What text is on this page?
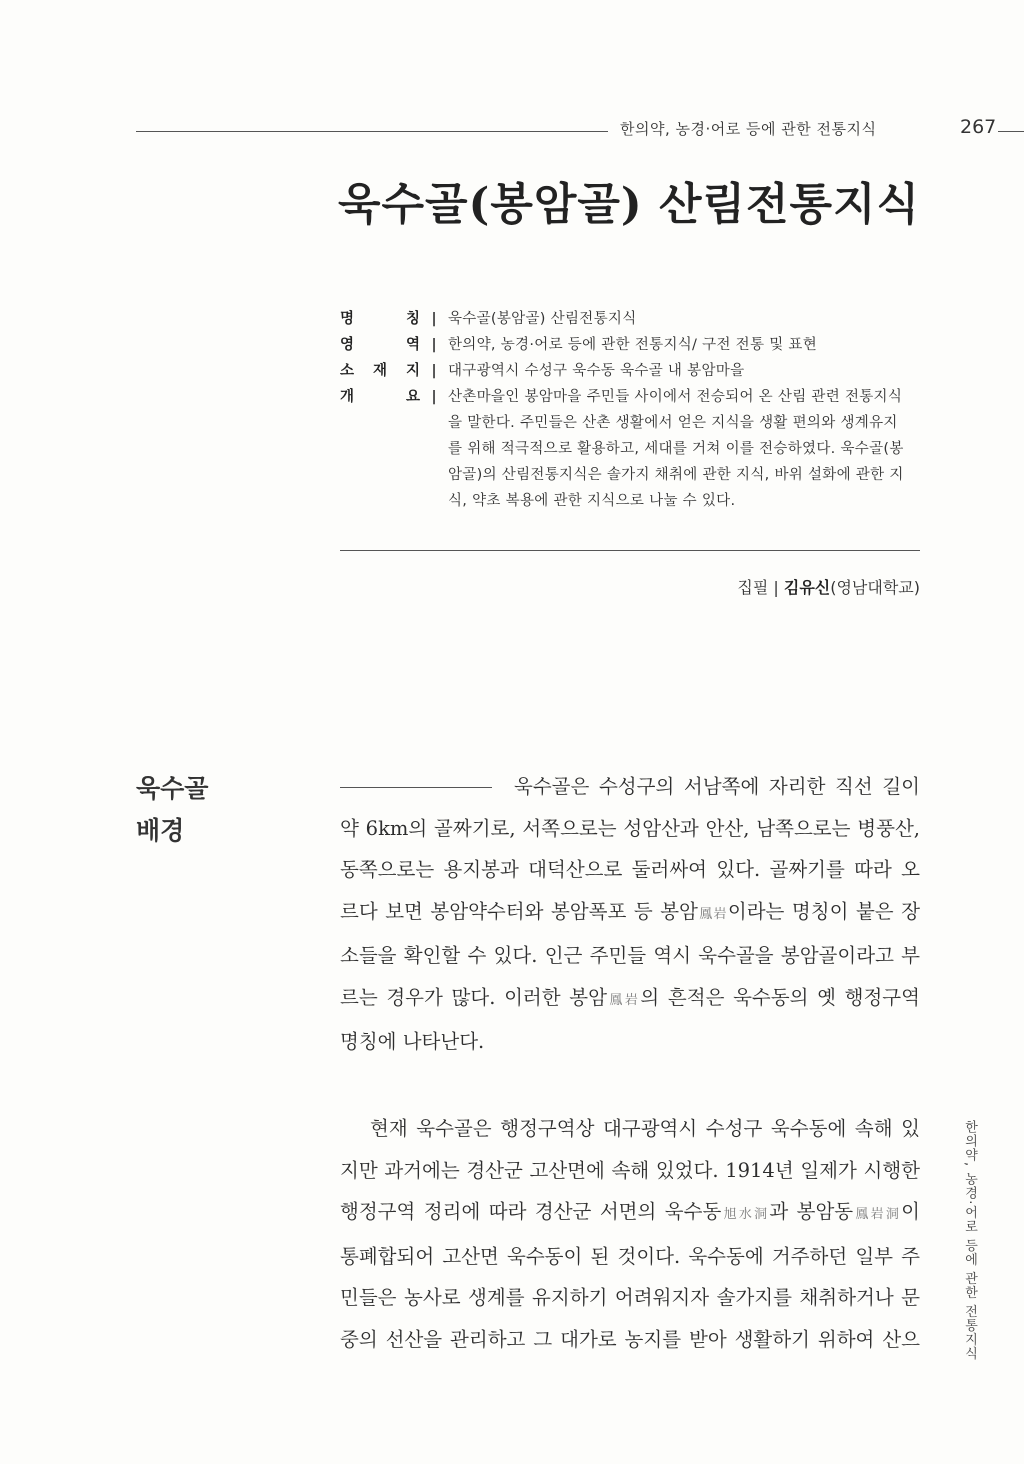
한의약, 농경·어로 등에 관한 전통지식	267
욱수골(봉암골) 산림전통지식
명	칭 | 욱수골(봉암골) 산림전통지식
영	역 | 한의약, 농경·어로 등에 관한 전통지식/ 구전 전통 및 표현
소 재 지 | 대구광역시 수성구 욱수동 욱수골 내 봉암마을
개	요 | 산촌마을인 봉암마을 주민들 사이에서 전승되어 온 산림 관련 전통지식
을 말한다. 주민들은 산촌 생활에서 얻은 지식을 생활 편의와 생계유지
를 위해 적극적으로 활용하고, 세대를 거쳐 이를 전승하였다. 욱수골(봉
암골)의 산림전통지식은 솔가지 채취에 관한 지식, 바위 설화에 관한 지
식, 약초 복용에 관한 지식으로 나눌 수 있다.
집필 | 김유신(영남대학교)
욱수골
배경
욱수골은 수성구의 서남쪽에 자리한 직선 길이
약 6km의 골짜기로, 서쪽으로는 성암산과 안산, 남쪽으로는 병풍산,
동쪽으로는 용지봉과 대덕산으로 둘러싸여 있다. 골짜기를 따라 오
르다 보면 봉암약수터와 봉암폭포 등 봉암鳳岩이라는 명칭이 붙은 장
소들을 확인할 수 있다. 인근 주민들 역시 욱수골을 봉암골이라고 부
르는 경우가 많다. 이러한 봉암鳳岩의 흔적은 욱수동의 옛 행정구역
명칭에 나타난다.
현재 욱수골은 행정구역상 대구광역시 수성구 욱수동에 속해 있
지만 과거에는 경산군 고산면에 속해 있었다. 1914년 일제가 시행한
행정구역 정리에 따라 경산군 서면의 욱수동旭水洞과 봉암동鳳岩洞이
통폐합되어 고산면 욱수동이 된 것이다. 욱수동에 거주하던 일부 주
민들은 농사로 생계를 유지하기 어려워지자 솔가지를 채취하거나 문
중의 선산을 관리하고 그 대가로 농지를 받아 생활하기 위하여 산으	한의약, 농경·어로 등에 관한 전통지식
